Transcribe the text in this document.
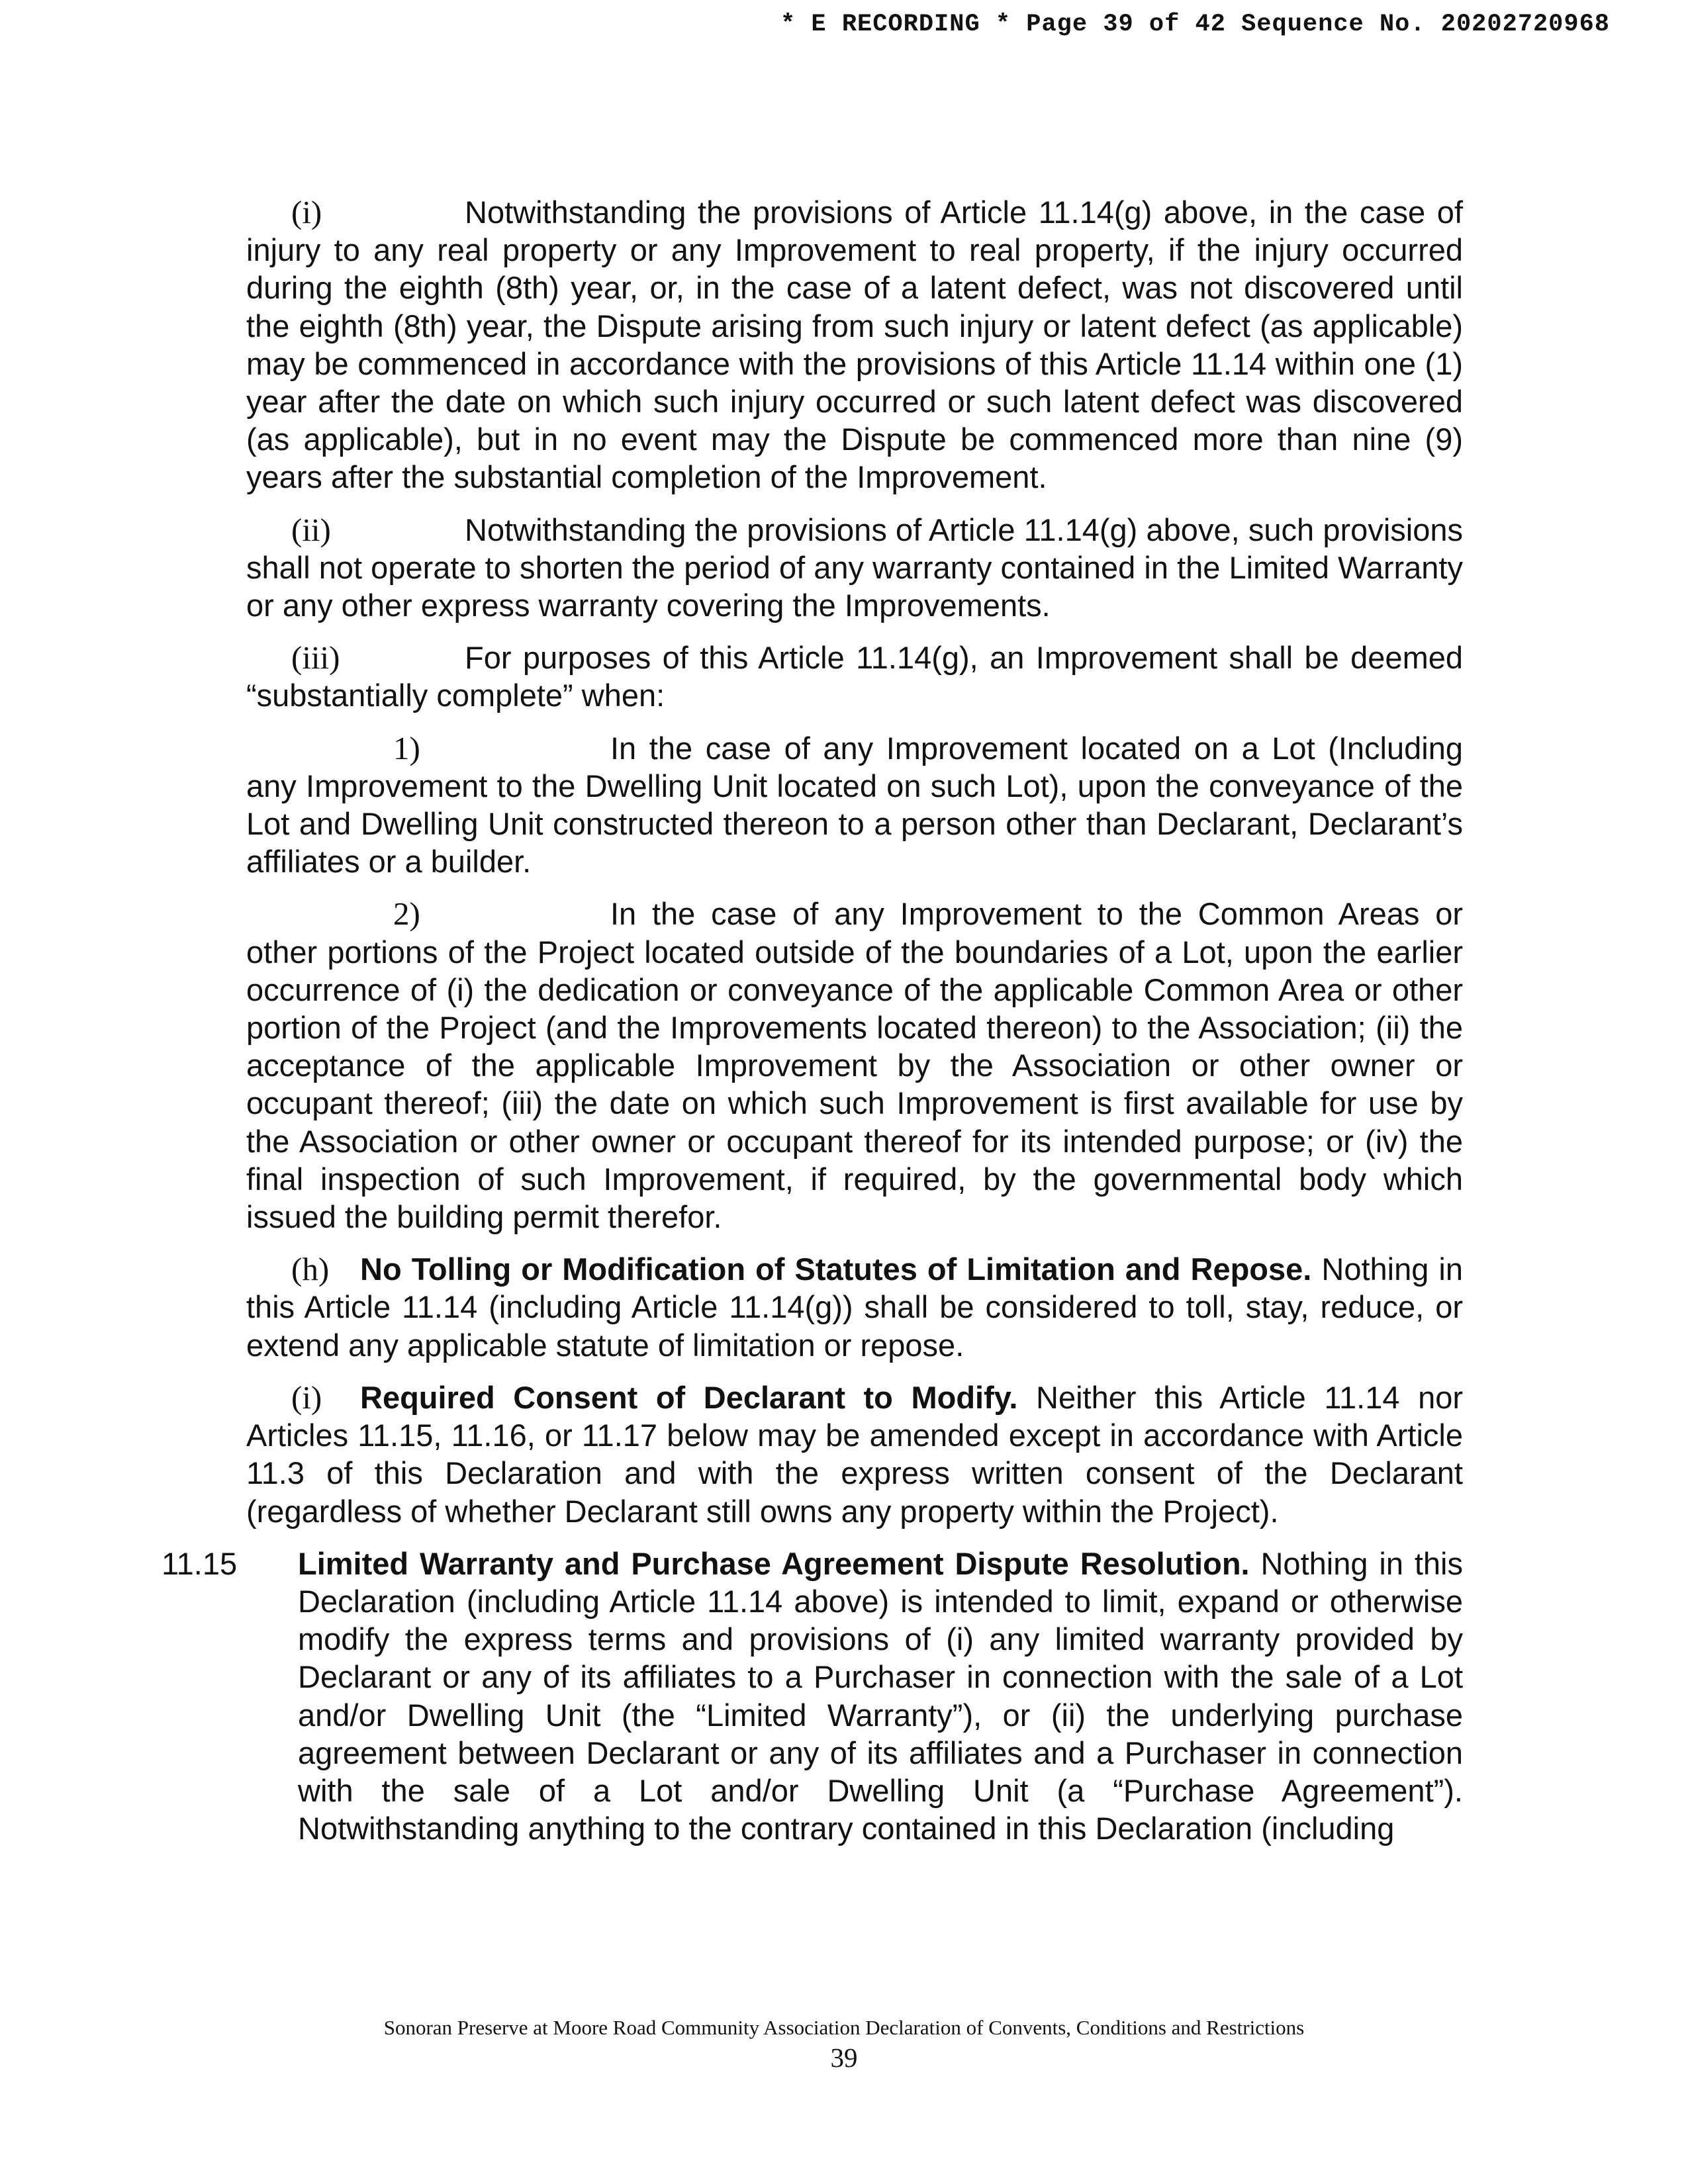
* E RECORDING * Page 39 of 42 Sequence No. 20202720968

(i)	Notwithstanding the provisions of Article 11.14(g) above, in the case of injury to any real property or any Improvement to real property, if the injury occurred during the eighth (8th) year, or, in the case of a latent defect, was not discovered until the eighth (8th) year, the Dispute arising from such injury or latent defect (as applicable) may be commenced in accordance with the provisions of this Article 11.14 within one (1) year after the date on which such injury occurred or such latent defect was discovered (as applicable), but in no event may the Dispute be commenced more than nine (9) years after the substantial completion of the Improvement.

(ii)	Notwithstanding the provisions of Article 11.14(g) above, such provisions shall not operate to shorten the period of any warranty contained in the Limited Warranty or any other express warranty covering the Improvements.

(iii)	For purposes of this Article 11.14(g), an Improvement shall be deemed “substantially complete” when:

1)	In the case of any Improvement located on a Lot (Including any Improvement to the Dwelling Unit located on such Lot), upon the conveyance of the Lot and Dwelling Unit constructed thereon to a person other than Declarant, Declarant’s affiliates or a builder.

2)	In the case of any Improvement to the Common Areas or other portions of the Project located outside of the boundaries of a Lot, upon the earlier occurrence of (i) the dedication or conveyance of the applicable Common Area or other portion of the Project (and the Improvements located thereon) to the Association; (ii) the acceptance of the applicable Improvement by the Association or other owner or occupant thereof; (iii) the date on which such Improvement is first available for use by the Association or other owner or occupant thereof for its intended purpose; or (iv) the final inspection of such Improvement, if required, by the governmental body which issued the building permit therefor.

(h) No Tolling or Modification of Statutes of Limitation and Repose. Nothing in this Article 11.14 (including Article 11.14(g)) shall be considered to toll, stay, reduce, or extend any applicable statute of limitation or repose.

(i) Required Consent of Declarant to Modify. Neither this Article 11.14 nor Articles 11.15, 11.16, or 11.17 below may be amended except in accordance with Article 11.3 of this Declaration and with the express written consent of the Declarant (regardless of whether Declarant still owns any property within the Project).

11.15 Limited Warranty and Purchase Agreement Dispute Resolution. Nothing in this Declaration (including Article 11.14 above) is intended to limit, expand or otherwise modify the express terms and provisions of (i) any limited warranty provided by Declarant or any of its affiliates to a Purchaser in connection with the sale of a Lot and/or Dwelling Unit (the “Limited Warranty”), or (ii) the underlying purchase agreement between Declarant or any of its affiliates and a Purchaser in connection with the sale of a Lot and/or Dwelling Unit (a “Purchase Agreement”). Notwithstanding anything to the contrary contained in this Declaration (including

Sonoran Preserve at Moore Road Community Association Declaration of Convents, Conditions and Restrictions
39
